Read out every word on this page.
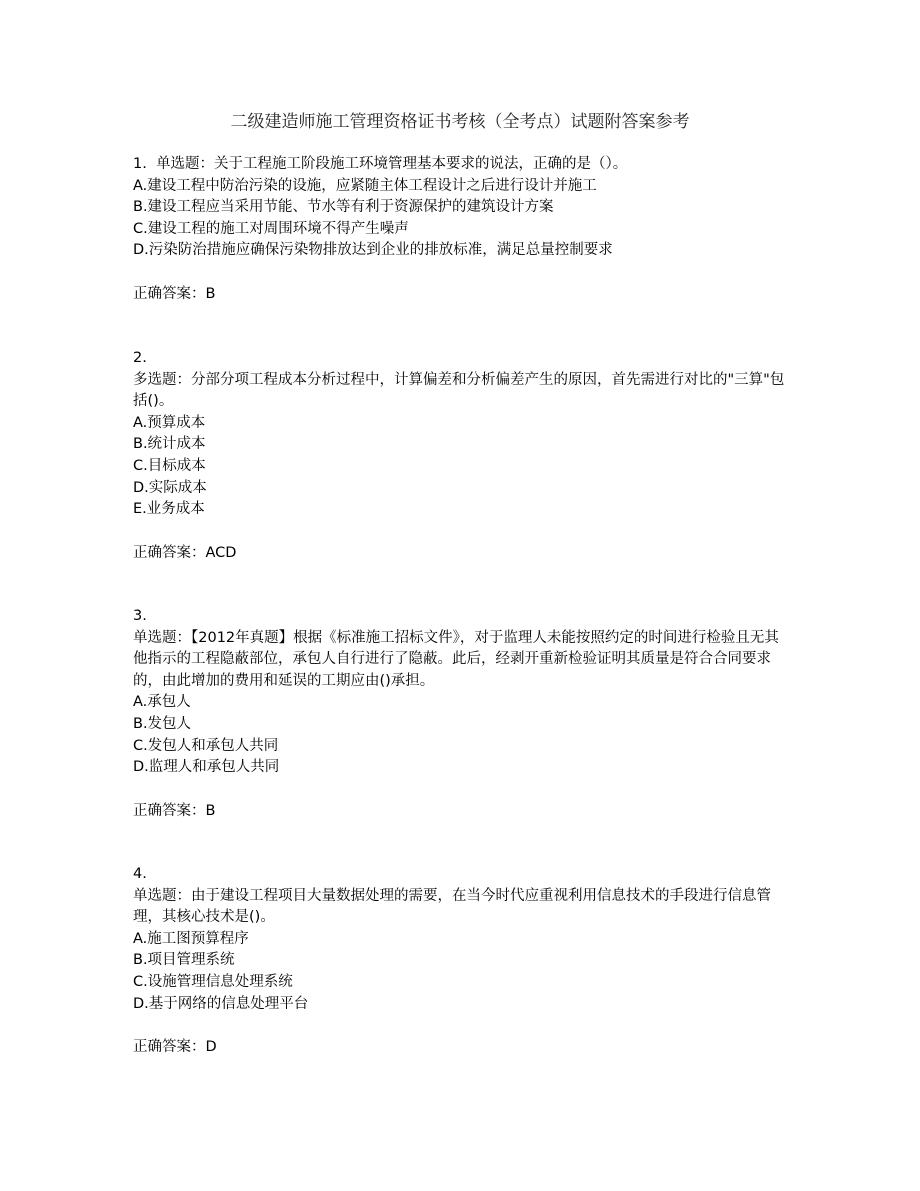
二级建造师施工管理资格证书考核（全考点）试题附答案参考
1. 单选题：关于工程施工阶段施工环境管理基本要求的说法，正确的是（）。
A.建设工程中防治污染的设施，应紧随主体工程设计之后进行设计并施工
B.建设工程应当采用节能、节水等有利于资源保护的建筑设计方案
C.建设工程的施工对周围环境不得产生噪声
D.污染防治措施应确保污染物排放达到企业的排放标准，满足总量控制要求
正确答案：B
2.
多选题：分部分项工程成本分析过程中，计算偏差和分析偏差产生的原因，首先需进行对比的"三算"包括()。
A.预算成本
B.统计成本
C.目标成本
D.实际成本
E.业务成本
正确答案：ACD
3.
单选题：【2012年真题】根据《标准施工招标文件》，对于监理人未能按照约定的时间进行检验且无其他指示的工程隐蔽部位，承包人自行进行了隐蔽。此后，经剥开重新检验证明其质量是符合合同要求的，由此增加的费用和延误的工期应由()承担。
A.承包人
B.发包人
C.发包人和承包人共同
D.监理人和承包人共同
正确答案：B
4.
单选题：由于建设工程项目大量数据处理的需要，在当今时代应重视利用信息技术的手段进行信息管理，其核心技术是()。
A.施工图预算程序
B.项目管理系统
C.设施管理信息处理系统
D.基于网络的信息处理平台
正确答案：D
